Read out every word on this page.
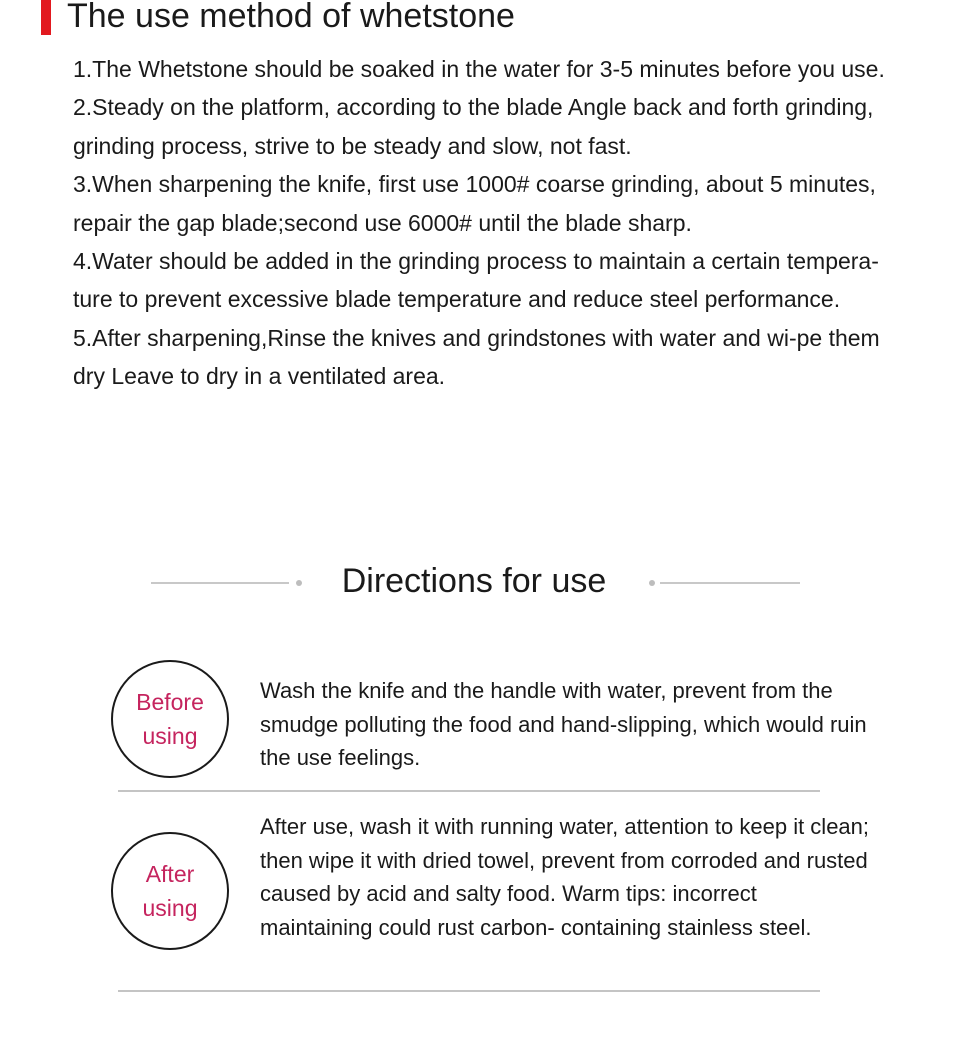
The use method of whetstone

1.The Whetstone should be soaked in the water for 3-5 minutes before you use.

2.Steady on the platform, according to the blade Angle back and forth grinding, grinding process, strive to be steady and slow, not fast.

3.When sharpening the knife, first use 1000# coarse grinding, about 5 minutes, repair the gap blade;second use 6000# until the blade sharp.

4.Water should be added in the grinding process to maintain a certain tempera-ture to prevent excessive blade temperature and reduce steel performance.

5.After sharpening,Rinse the knives and grindstones with water and wi-pe them dry Leave to dry in a ventilated area.

Directions for use
Before using
Wash the knife and the handle with water, prevent from the smudge polluting the food and hand-slipping, which would ruin the use feelings.
After using
After use, wash it with running water, attention to keep it clean; then wipe it with dried towel, prevent from corroded and rusted caused by acid and salty food. Warm tips: incorrect maintaining could rust carbon- containing stainless steel.
